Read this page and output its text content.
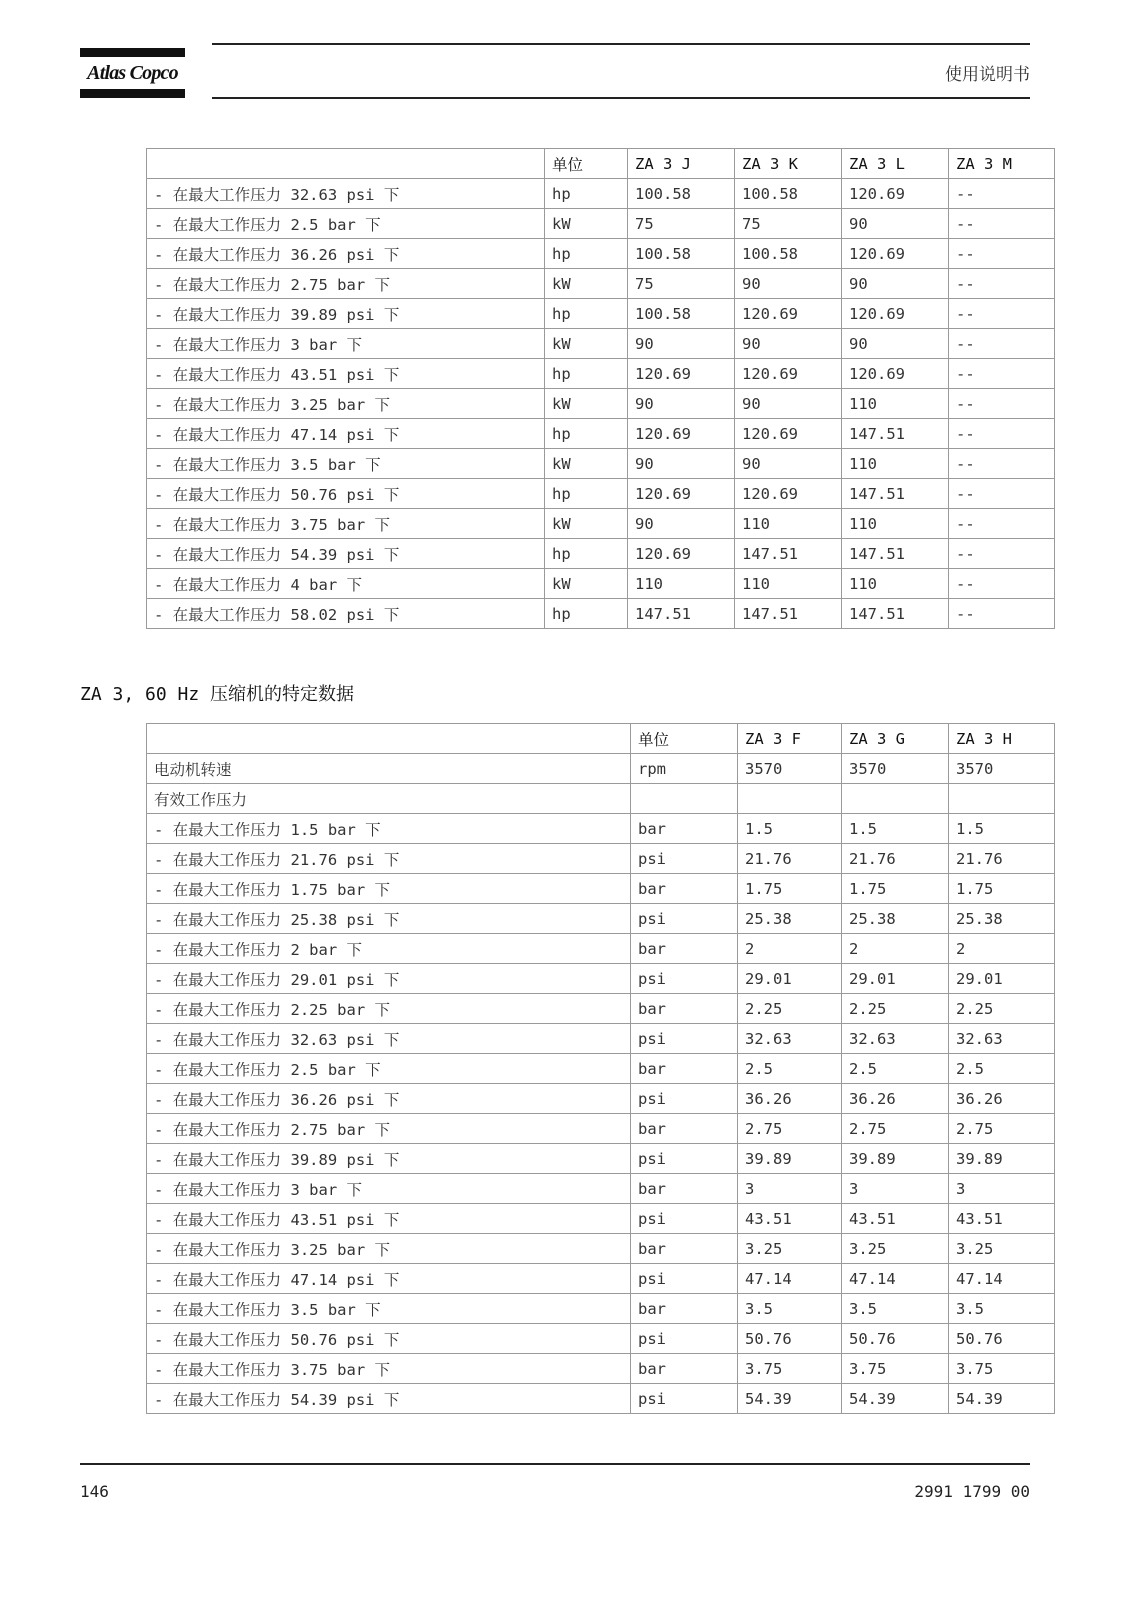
Atlas Copco	使用说明书
	单位	ZA 3 J	ZA 3 K	ZA 3 L	ZA 3 M
- 在最大工作压力 32.63 psi 下	hp	100.58	100.58	120.69	--
- 在最大工作压力 2.5 bar 下	kW	75	75	90	--
- 在最大工作压力 36.26 psi 下	hp	100.58	100.58	120.69	--
- 在最大工作压力 2.75 bar 下	kW	75	90	90	--
- 在最大工作压力 39.89 psi 下	hp	100.58	120.69	120.69	--
- 在最大工作压力 3 bar 下	kW	90	90	90	--
- 在最大工作压力 43.51 psi 下	hp	120.69	120.69	120.69	--
- 在最大工作压力 3.25 bar 下	kW	90	90	110	--
- 在最大工作压力 47.14 psi 下	hp	120.69	120.69	147.51	--
- 在最大工作压力 3.5 bar 下	kW	90	90	110	--
- 在最大工作压力 50.76 psi 下	hp	120.69	120.69	147.51	--
- 在最大工作压力 3.75 bar 下	kW	90	110	110	--
- 在最大工作压力 54.39 psi 下	hp	120.69	147.51	147.51	--
- 在最大工作压力 4 bar 下	kW	110	110	110	--
- 在最大工作压力 58.02 psi 下	hp	147.51	147.51	147.51	--
ZA 3, 60 Hz 压缩机的特定数据
	单位	ZA 3 F	ZA 3 G	ZA 3 H
电动机转速	rpm	3570	3570	3570
有效工作压力				
- 在最大工作压力 1.5 bar 下	bar	1.5	1.5	1.5
- 在最大工作压力 21.76 psi 下	psi	21.76	21.76	21.76
- 在最大工作压力 1.75 bar 下	bar	1.75	1.75	1.75
- 在最大工作压力 25.38 psi 下	psi	25.38	25.38	25.38
- 在最大工作压力 2 bar 下	bar	2	2	2
- 在最大工作压力 29.01 psi 下	psi	29.01	29.01	29.01
- 在最大工作压力 2.25 bar 下	bar	2.25	2.25	2.25
- 在最大工作压力 32.63 psi 下	psi	32.63	32.63	32.63
- 在最大工作压力 2.5 bar 下	bar	2.5	2.5	2.5
- 在最大工作压力 36.26 psi 下	psi	36.26	36.26	36.26
- 在最大工作压力 2.75 bar 下	bar	2.75	2.75	2.75
- 在最大工作压力 39.89 psi 下	psi	39.89	39.89	39.89
- 在最大工作压力 3 bar 下	bar	3	3	3
- 在最大工作压力 43.51 psi 下	psi	43.51	43.51	43.51
- 在最大工作压力 3.25 bar 下	bar	3.25	3.25	3.25
- 在最大工作压力 47.14 psi 下	psi	47.14	47.14	47.14
- 在最大工作压力 3.5 bar 下	bar	3.5	3.5	3.5
- 在最大工作压力 50.76 psi 下	psi	50.76	50.76	50.76
- 在最大工作压力 3.75 bar 下	bar	3.75	3.75	3.75
- 在最大工作压力 54.39 psi 下	psi	54.39	54.39	54.39
146	2991 1799 00
